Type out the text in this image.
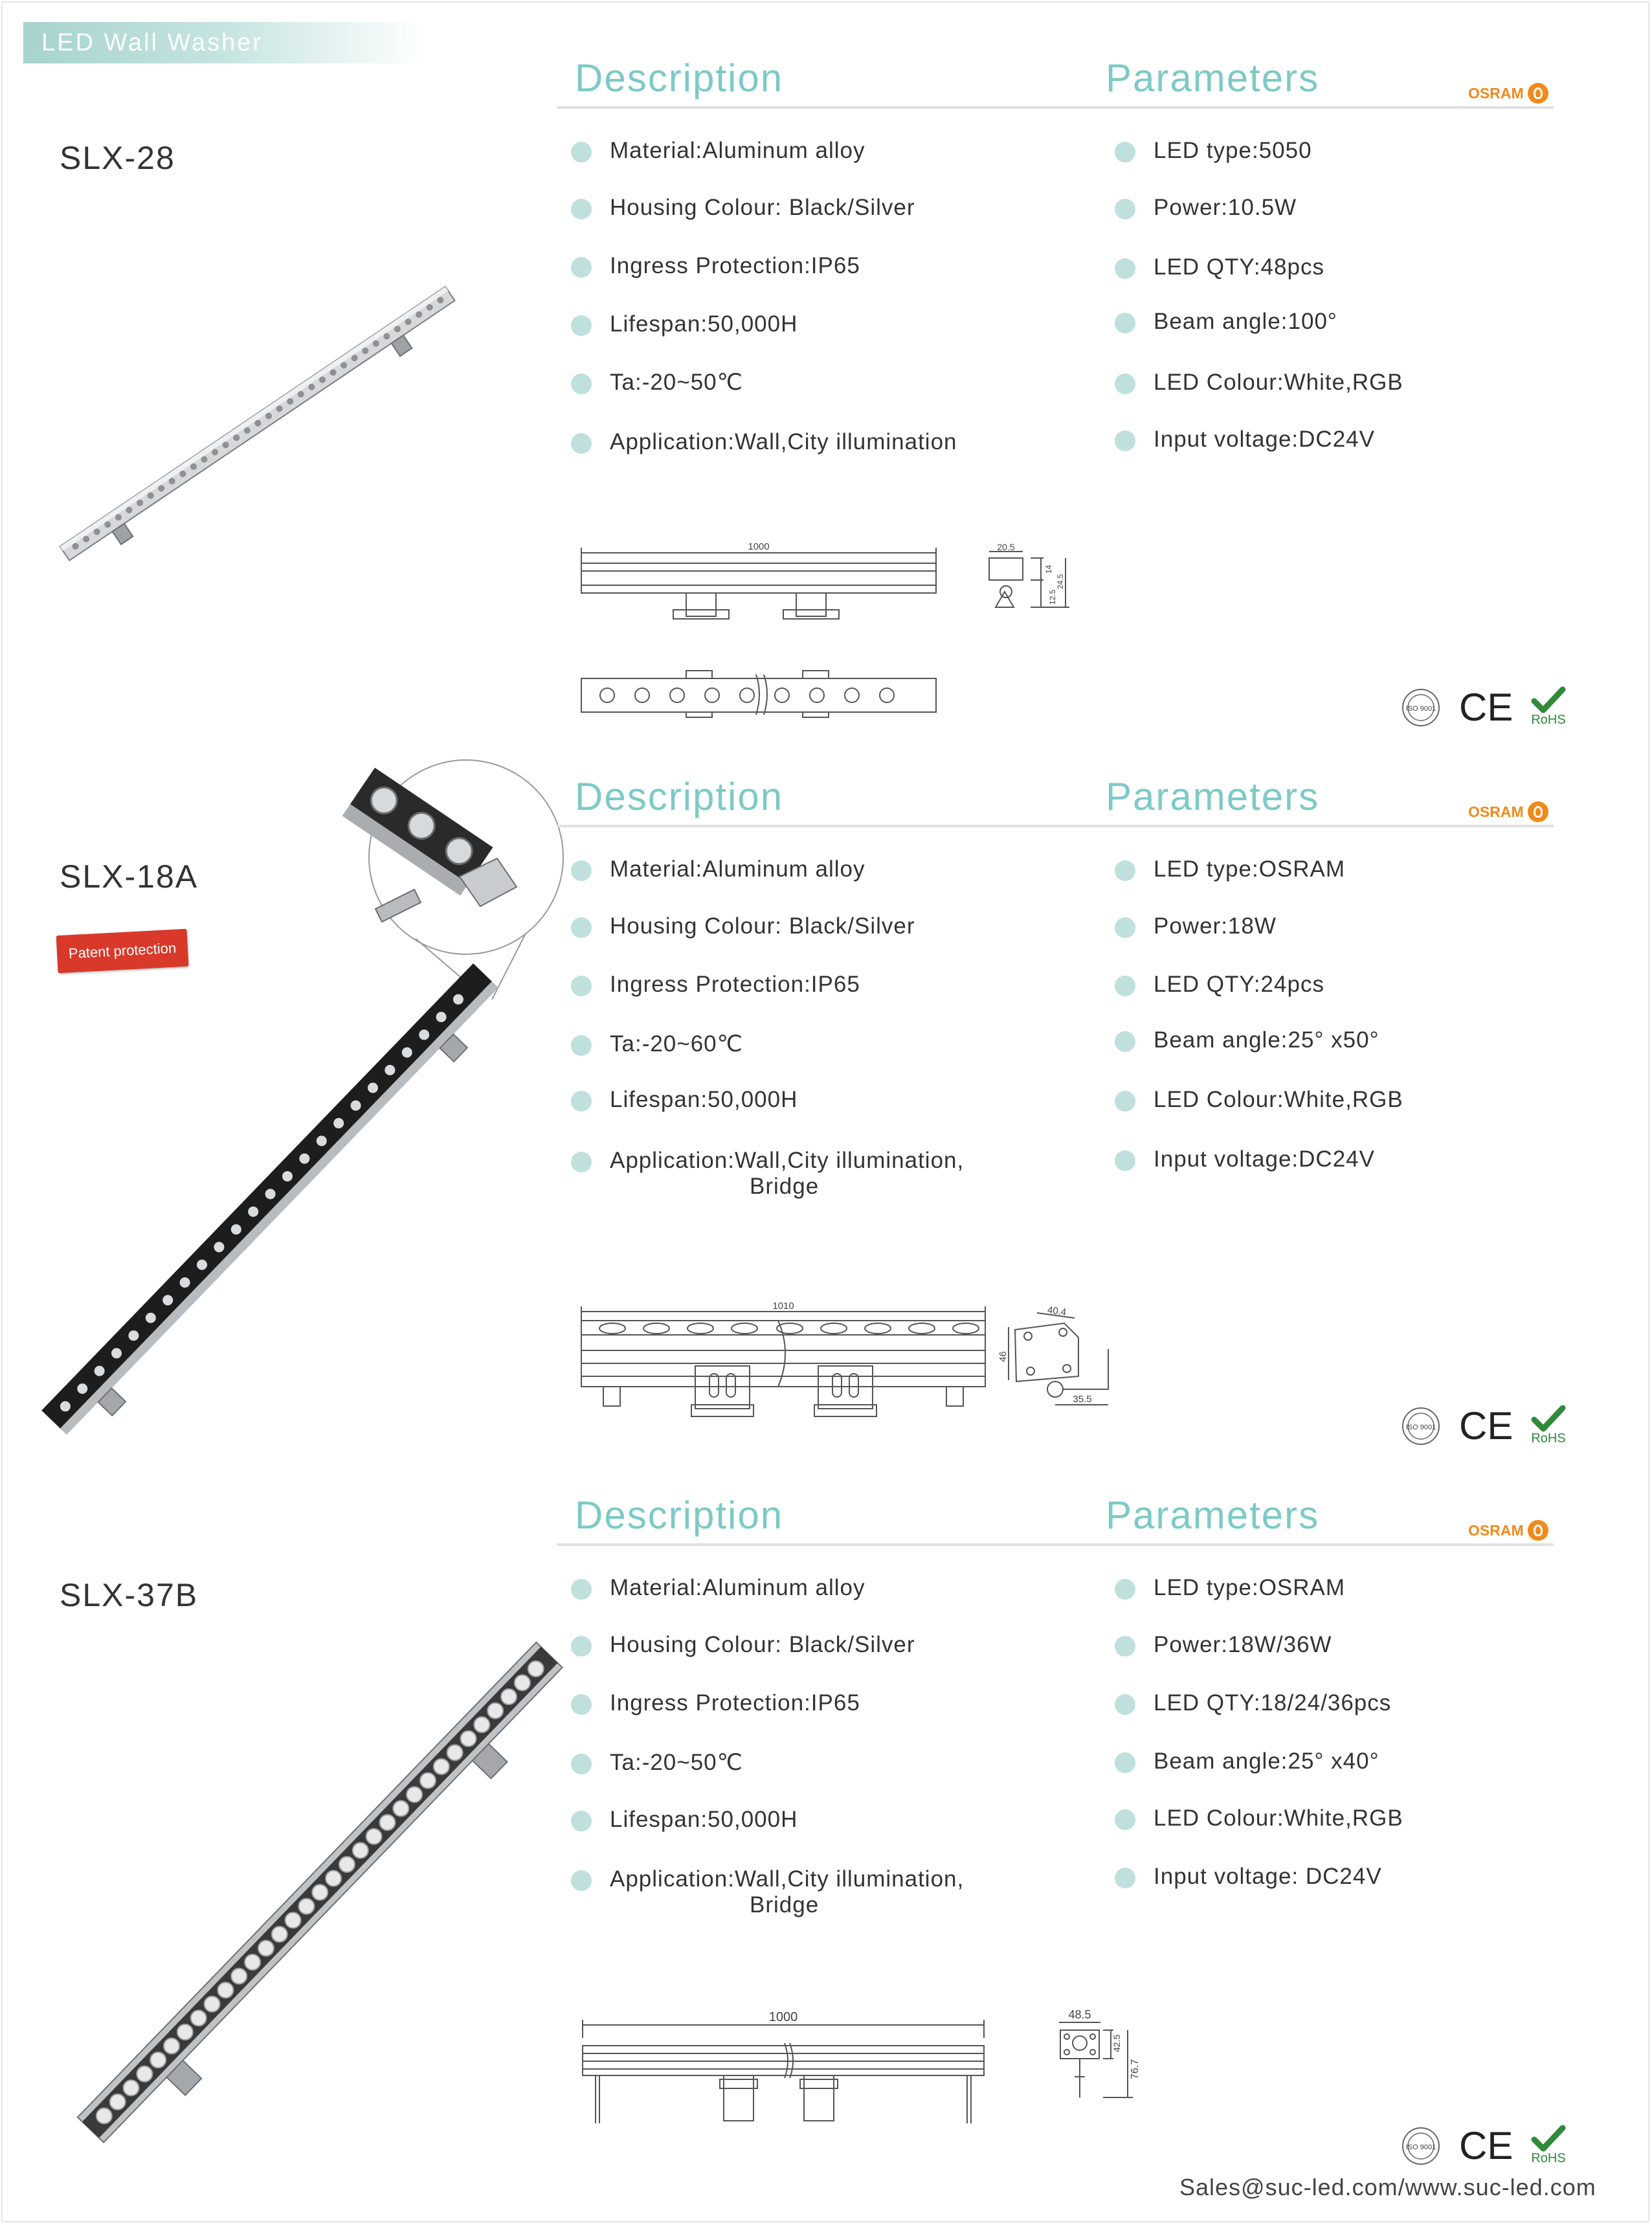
LED Wall Washer
SLX-28
Description	Parameters	OSRAM
Material:Aluminum alloy
Housing Colour: Black/Silver
Ingress Protection:IP65
Lifespan:50,000H
Ta:-20~50℃
Application:Wall,City illumination
LED type:5050
Power:10.5W
LED QTY:48pcs
Beam angle:100°
LED Colour:White,RGB
Input voltage:DC24V
1000	20.5
14
24.5
12.5
ISO 9001 CE RoHS
SLX-18A
Patent protection
Description	Parameters	OSRAM
Material:Aluminum alloy
Housing Colour: Black/Silver
Ingress Protection:IP65
Ta:-20~60℃
Lifespan:50,000H
Application:Wall,City illumination,
Bridge
LED type:OSRAM
Power:18W
LED QTY:24pcs
Beam angle:25° x50°
LED Colour:White,RGB
Input voltage:DC24V
1010	40.4
46
35.5
ISO 9001 CE RoHS
SLX-37B
Description	Parameters	OSRAM
Material:Aluminum alloy
Housing Colour: Black/Silver
Ingress Protection:IP65
Ta:-20~50℃
Lifespan:50,000H
Application:Wall,City illumination,
Bridge
LED type:OSRAM
Power:18W/36W
LED QTY:18/24/36pcs
Beam angle:25° x40°
LED Colour:White,RGB
Input voltage: DC24V
1000	48.5
42.5
76.7
ISO 9001 CE RoHS
Sales@suc-led.com/www.suc-led.com
